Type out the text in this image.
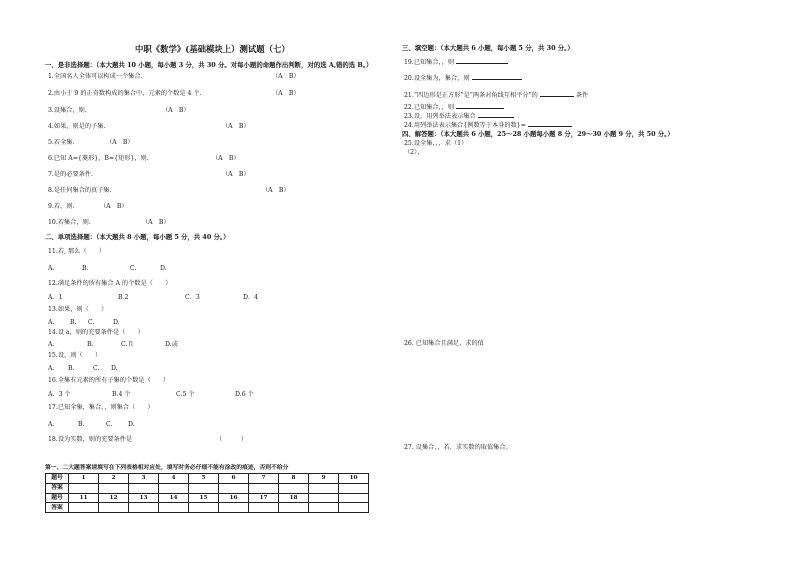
中职《数学》(基础模块上）测试题（七）
一、是非选择题：（本大题共 10 小题，每小题 3 分，共 30 分。对每小题的命题作出判断，对的选 A,错的选 B。）
1.全国名人全体可以构成一个集合.	（A　B）
2.由小于 9 的正奇数构成的集合中，元素的个数是 4 个.	（A　B）
3.设集合，则.	（A　B）
4.如果，则是的子集.	（A　B）
5.若全集.	（A　B）
6.已知 A={菱形}，B={矩形}，则.	（A　B）
7.是的必要条件.	（A　B）
8.是任何集合的真子集．	（A　B）
9.若，则.	（A　B）
10.若集合，则.	（A　B）
二、单项选择题：（本大题共 8 小题，每小题 5 分，共 40 分。）
11.若, 那么（　　）
A.	B.	C.	D.
12.满足条件的所有集合 A 的个数是（　　）
A．1	B.2	C．3	D．4
13.如果，则（　　）
A.	B. C.	D.
14.设 a，则的充要条件是（　　）
A.	B.	C.且	D.或
15.设，则（　　）
A. B.	C. D.
16.全集有元素的所有子集的个数是（　　）
A．3 个	B.4 个	C.5 个	D.6 个
17.已知全集，集合，，则集合（　　）
A.	B.	C.	D.
18.设为实数，则的充要条件是	（　　　）
第一、二大题答案请填写在下列表格相对应处，填写时务必仔细不能有涂改的痕迹，否则不给分
题号	1	2	3	4	5	6	7	8	9	10
答案										
题号	11	12	13	14	15	16	17	18		
答案										
三、填空题：（本大题共 6 小题，每小题 5 分，共 30 分。）
19.已知集合，，则
20.设全集为，集合，则
21.“四边形是正方形”是“两条对角线互相平分”的	条件
22.已知集合，，则
23.设，用列举法表示集合
24.用列举法表示集合{例数等于本身的数}=
四、解答题：（本大题共 6 小题，25～28 小题每小题 8 分，29～30 小题 9 分，共 50 分。）
25.设全集，，，求（1）
（2），
26. 已知集合且满足，求的值
27. 设集合，，若，求实数的取值集合。
